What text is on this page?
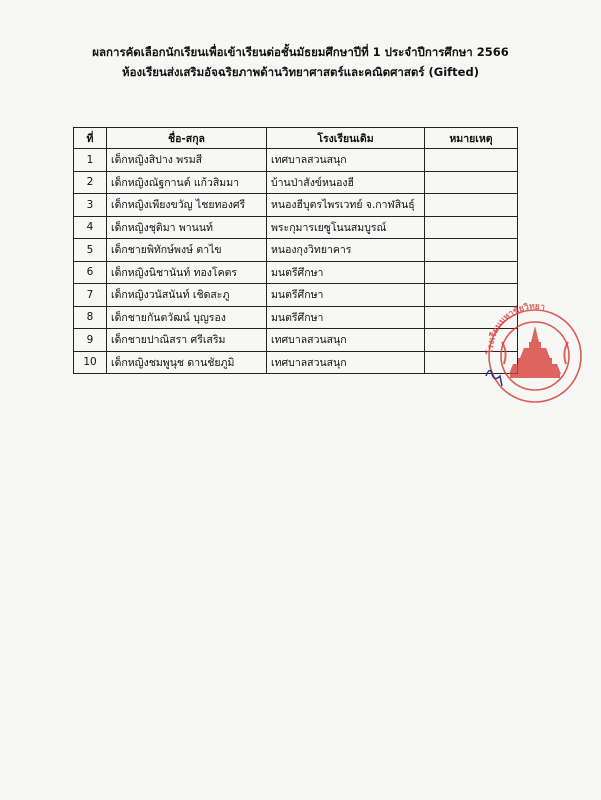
ผลการคัดเลือกนักเรียนเพื่อเข้าเรียนต่อชั้นมัธยมศึกษาปีที่ 1 ประจำปีการศึกษา 2566
ห้องเรียนส่งเสริมอัจฉริยภาพด้านวิทยาศาสตร์และคณิตศาสตร์ (Gifted)
ที่	ชื่อ-สกุล	โรงเรียนเดิม	หมายเหตุ
1	เด็กหญิงสิปาง พรมสี	เทศบาลสวนสนุก	
2	เด็กหญิงณัฐกานต์ แก้วสิมมา	บ้านป่าสังข์หนองฮี	
3	เด็กหญิงเพียงขวัญ ไชยทองศรี	หนองฮีบุตรไพรเวทย์ จ.กาฬสินธุ์	
4	เด็กหญิงชุติมา พานนท์	พระกุมารเยซูโนนสมบูรณ์	
5	เด็กชายพิทักษ์พงษ์ ตาไข	หนองกุงวิทยาคาร	
6	เด็กหญิงนิชานันท์ ทองโคตร	มนตรีศึกษา	
7	เด็กหญิงวนัสนันท์ เชิดสะภู	มนตรีศึกษา	
8	เด็กชายกันตวัฒน์ บุญรอง	มนตรีศึกษา	
9	เด็กชายปาณิสรา ศรีเสริม	เทศบาลสวนสนุก	
10	เด็กหญิงชมพูนุช ดานชัยภูมิ	เทศบาลสวนสนุก	
โรงเรียนมหาชัยวิทยา
